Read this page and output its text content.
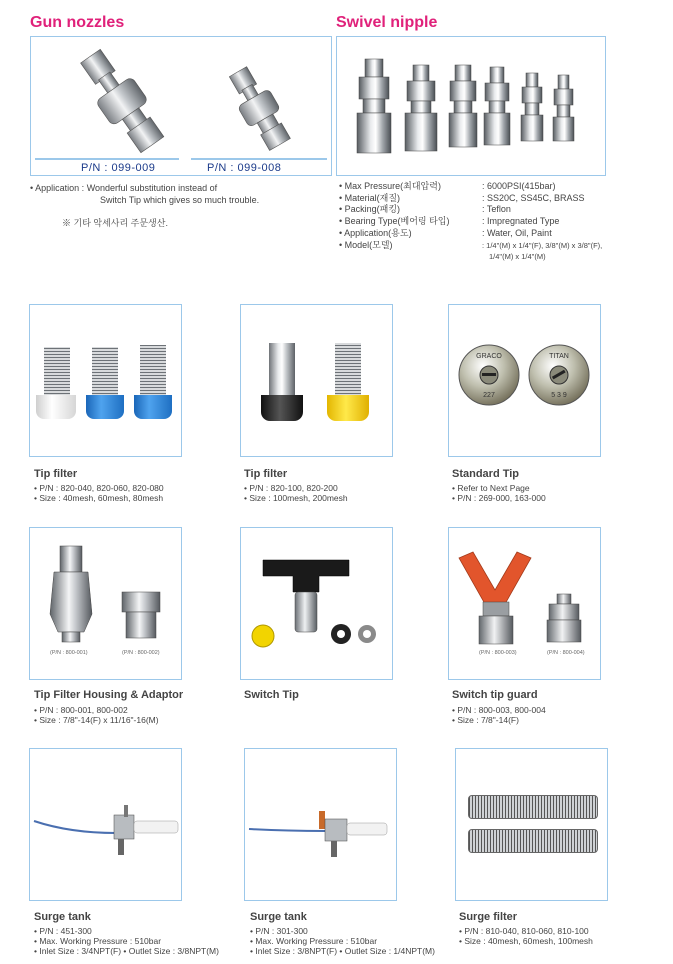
Gun nozzles
P/N : 099-009	P/N : 099-008
• Application : Wonderful substitution instead of
Switch Tip which gives so much trouble.
※ 기타 악세사리 주문생산.
Swivel nipple
• Max Pressure(최대압력)	: 6000PSI(415bar)
• Material(재질)	: SS20C, SS45C, BRASS
• Packing(패킹)	: Teflon
• Bearing Type(베어링 타입)	: Impregnated Type
• Application(용도)	: Water, Oil, Paint
• Model(모델)	: 1/4"(M) x 1/4"(F), 3/8"(M) x 3/8"(F),
1/4"(M) x 1/4"(M)
Tip filter
• P/N : 820-040, 820-060, 820-080
• Size : 40mesh, 60mesh, 80mesh
Tip filter
• P/N : 820-100, 820-200
• Size : 100mesh, 200mesh
GRACO
227
TITAN
5 3 9
Standard Tip
• Refer to Next Page
• P/N : 269-000, 163-000
(P/N : 800-001)	(P/N : 800-002)
Tip Filter Housing & Adaptor
• P/N : 800-001, 800-002
• Size : 7/8"-14(F) x 11/16"-16(M)
Switch Tip
(P/N : 800-003)	(P/N : 800-004)
Switch tip guard
• P/N : 800-003, 800-004
• Size : 7/8"-14(F)
Surge tank
• P/N : 451-300
• Max. Working Pressure : 510bar
• Inlet Size : 3/4NPT(F) • Outlet Size : 3/8NPT(M)
Surge tank
• P/N : 301-300
• Max. Working Pressure : 510bar
• Inlet Size : 3/8NPT(F) • Outlet Size : 1/4NPT(M)
Surge filter
• P/N : 810-040, 810-060, 810-100
• Size : 40mesh, 60mesh, 100mesh
